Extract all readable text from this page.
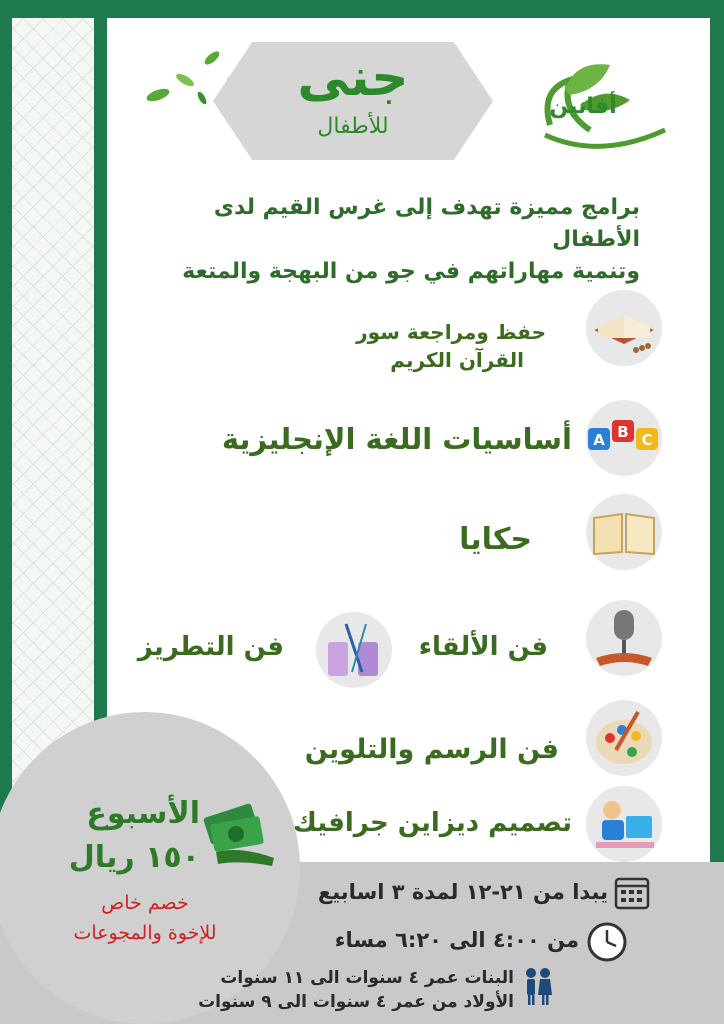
جنى
للأطفال
أفانين
برامج مميزة تهدف إلى غرس القيم لدى الأطفال
وتنمية مهاراتهم في جو من البهجة والمتعة
حفظ ومراجعة سور
القرآن الكريم
A B C
أساسيات اللغة الإنجليزية
حكايا
فن الألقاء
فن التطريز
فن الرسم والتلوين
تصميم ديزاين جرافيك
الأسبوع
١٥٠ ريال
خصم خاص
للإخوة والمجوعات
يبدا من ٢١-١٢ لمدة ٣ اسابيع
من ٤:٠٠ الى ٦:٢٠ مساء
البنات عمر ٤ سنوات الى ١١ سنوات
الأولاد من عمر ٤ سنوات الى ٩ سنوات
